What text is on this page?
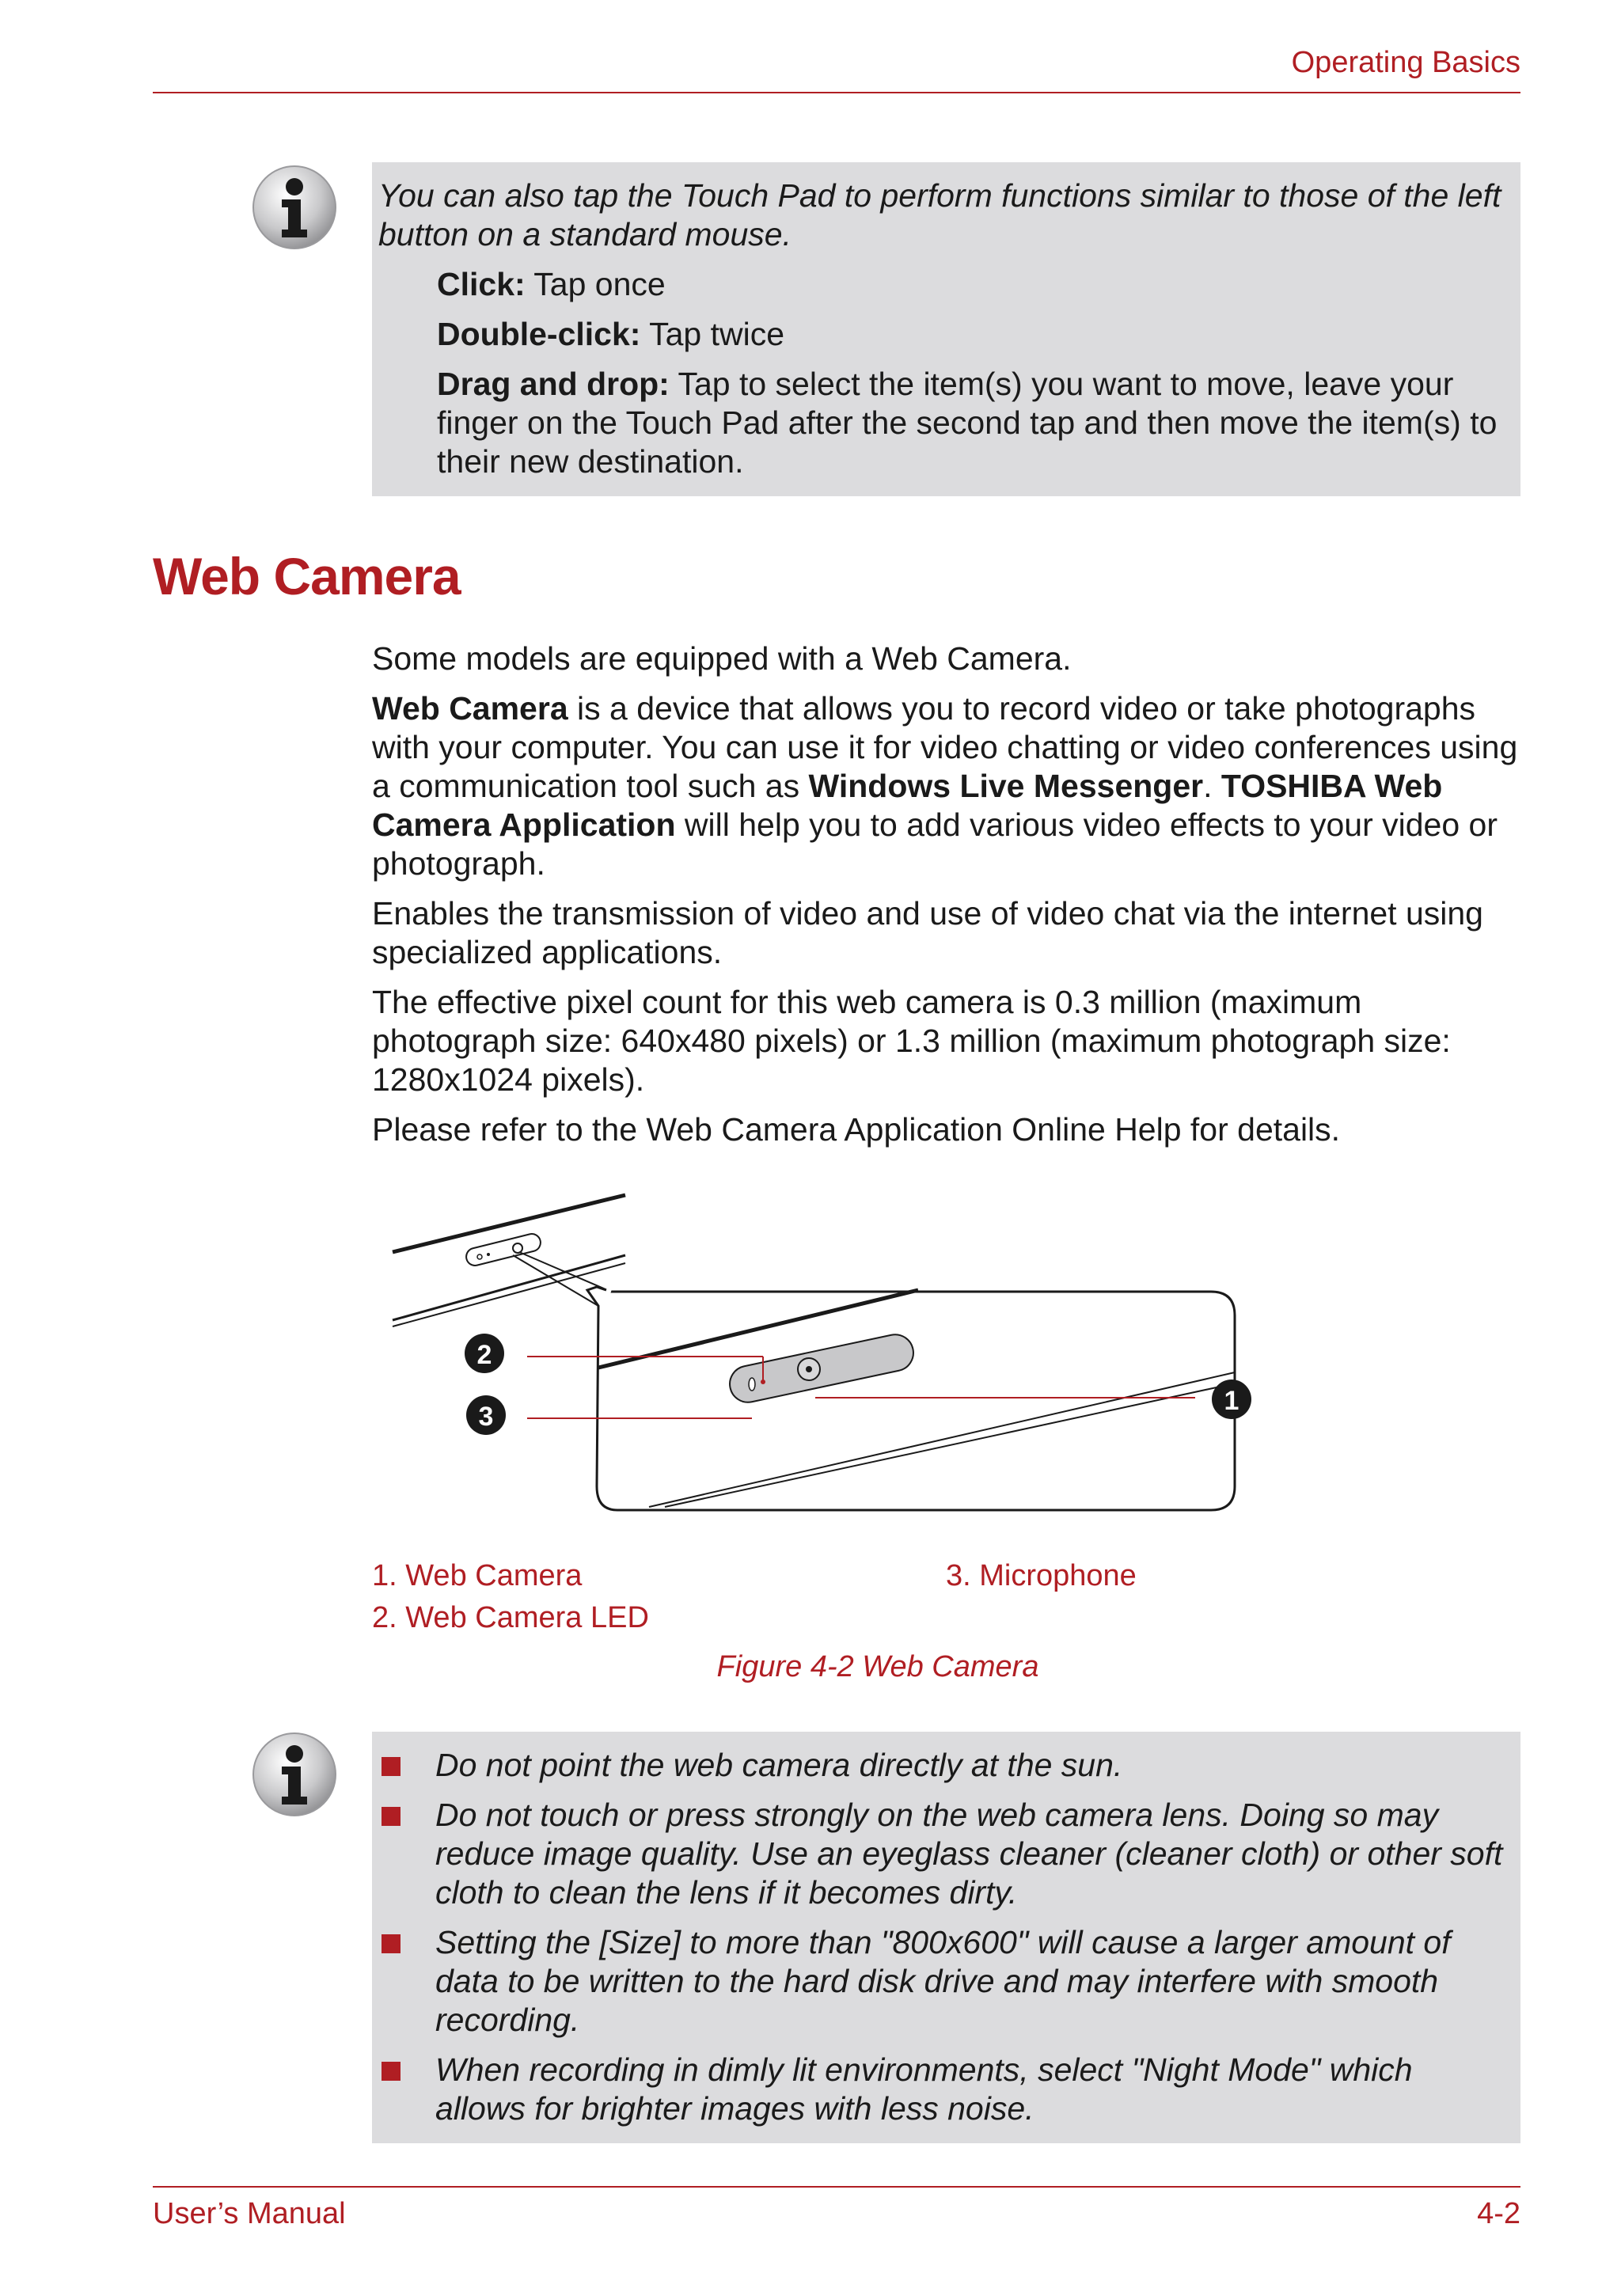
Operating Basics
You can also tap the Touch Pad to perform functions similar to those of the left button on a standard mouse.
Click: Tap once
Double-click: Tap twice
Drag and drop: Tap to select the item(s) you want to move, leave your finger on the Touch Pad after the second tap and then move the item(s) to their new destination.
Web Camera

Some models are equipped with a Web Camera.

Web Camera is a device that allows you to record video or take photographs with your computer. You can use it for video chatting or video conferences using a communication tool such as Windows Live Messenger. TOSHIBA Web Camera Application will help you to add various video effects to your video or photograph.

Enables the transmission of video and use of video chat via the internet using specialized applications.

The effective pixel count for this web camera is 0.3 million (maximum photograph size: 640x480 pixels) or 1.3 million (maximum photograph size: 1280x1024 pixels).

Please refer to the Web Camera Application Online Help for details.

2
3
1
1. Web Camera
2. Web Camera LED
3. Microphone
Figure 4-2 Web Camera
Do not point the web camera directly at the sun.
Do not touch or press strongly on the web camera lens. Doing so may reduce image quality. Use an eyeglass cleaner (cleaner cloth) or other soft cloth to clean the lens if it becomes dirty.
Setting the [Size] to more than "800x600" will cause a larger amount of data to be written to the hard disk drive and may interfere with smooth recording.
When recording in dimly lit environments, select "Night Mode" which allows for brighter images with less noise.
User’s Manual	4-2
